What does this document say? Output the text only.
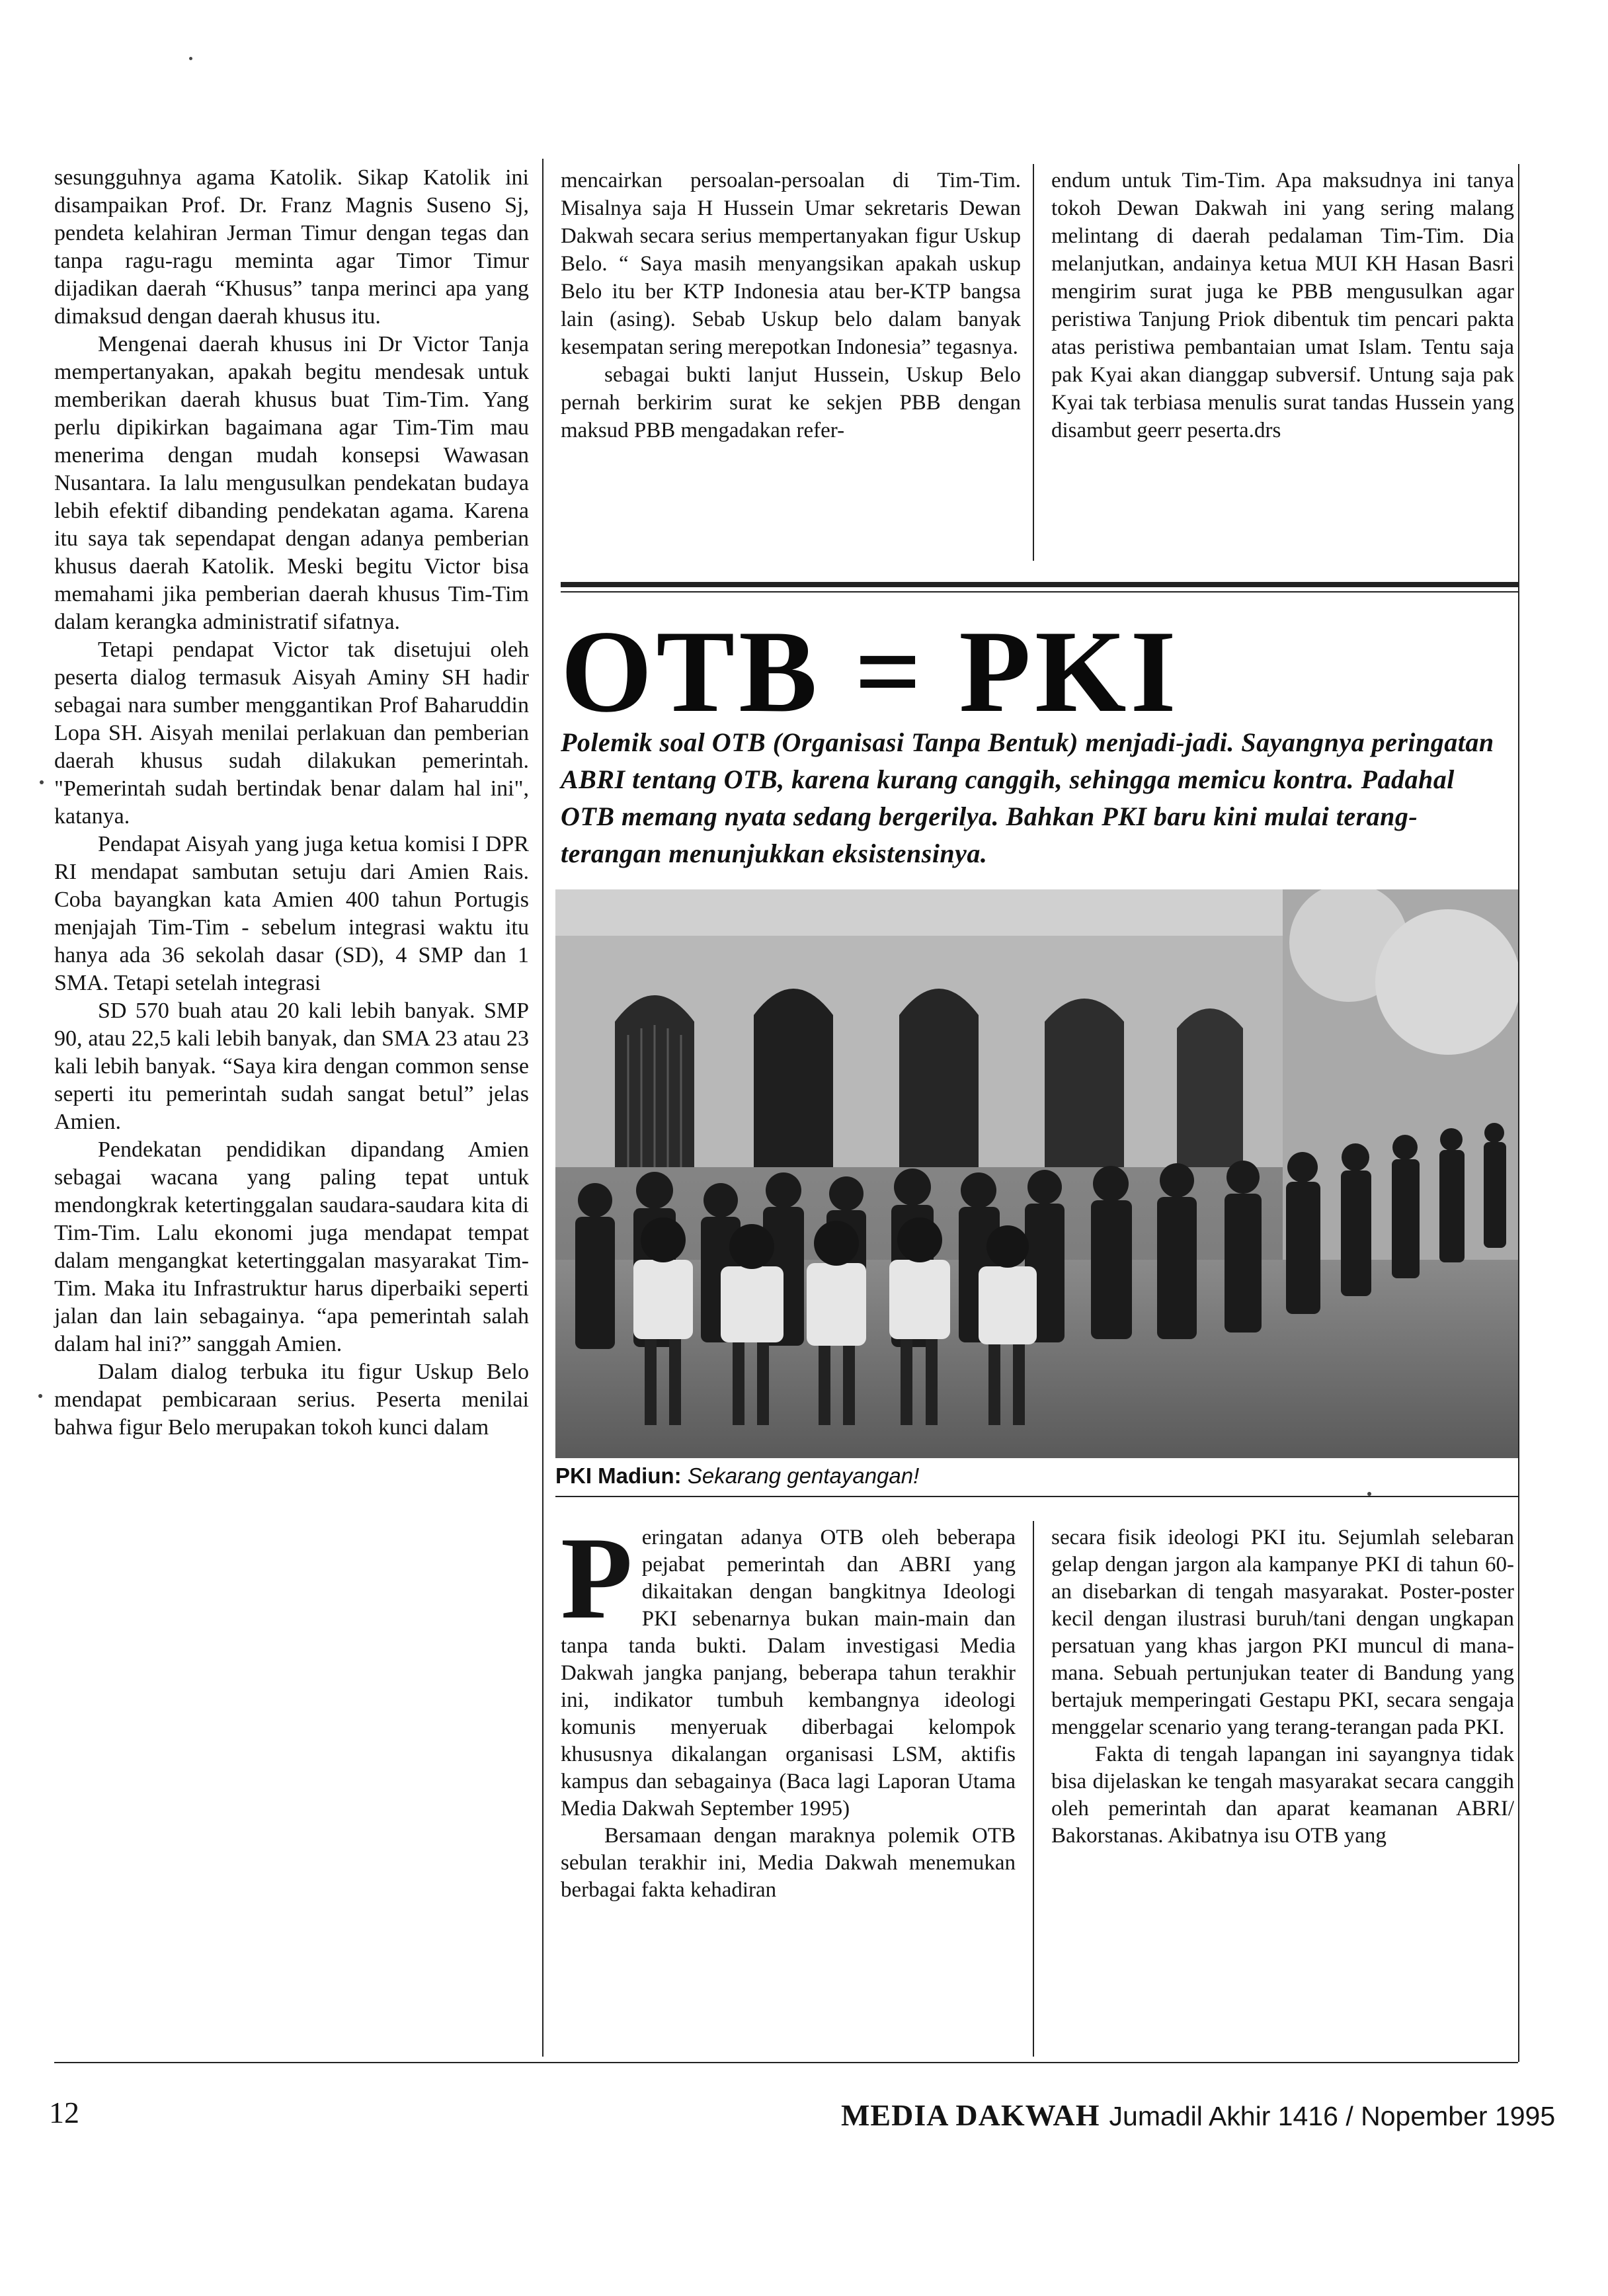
sesungguhnya agama Katolik. Sikap Katolik ini disampaikan Prof. Dr. Franz Magnis Suseno Sj, pendeta kelahiran Jerman Timur dengan tegas dan tanpa ragu-ragu meminta agar Timor Timur dijadikan daerah “Khusus” tanpa merinci apa yang dimaksud dengan daerah khusus itu.

Mengenai daerah khusus ini Dr Victor Tanja mempertanyakan, apakah begitu mendesak untuk memberikan daerah khusus buat Tim-Tim. Yang perlu dipikirkan bagaimana agar Tim-Tim mau menerima dengan mudah konsepsi Wawasan Nusantara. Ia lalu mengusulkan pendekatan budaya lebih efektif dibanding pendekatan agama. Karena itu saya tak sependapat dengan adanya pemberian khusus daerah Katolik. Meski begitu Victor bisa memahami jika pemberian daerah khusus Tim-Tim dalam kerangka administratif sifatnya.

Tetapi pendapat Victor tak disetujui oleh peserta dialog termasuk Aisyah Aminy SH hadir sebagai nara sumber menggantikan Prof Baharuddin Lopa SH. Aisyah menilai perlakuan dan pemberian daerah khusus sudah dilakukan pemerintah. "Pemerintah sudah bertindak benar dalam hal ini", katanya.

Pendapat Aisyah yang juga ketua komisi I DPR RI mendapat sambutan setuju dari Amien Rais. Coba bayangkan kata Amien 400 tahun Portugis menjajah Tim-Tim - sebelum integrasi waktu itu hanya ada 36 sekolah dasar (SD), 4 SMP dan 1 SMA. Tetapi setelah integrasi

SD 570 buah atau 20 kali lebih banyak. SMP 90, atau 22,5 kali lebih banyak, dan SMA 23 atau 23 kali lebih banyak. “Saya kira dengan common sense seperti itu pemerintah sudah sangat betul” jelas Amien.

Pendekatan pendidikan dipandang Amien sebagai wacana yang paling tepat untuk mendongkrak ketertinggalan saudara-saudara kita di Tim-Tim. Lalu ekonomi juga mendapat tempat dalam mengangkat ketertinggalan masyarakat Tim-Tim. Maka itu Infrastruktur harus diperbaiki seperti jalan dan lain sebagainya. “apa pemerintah salah dalam hal ini?” sanggah Amien.

Dalam dialog terbuka itu figur Uskup Belo mendapat pembicaraan serius. Peserta menilai bahwa figur Belo merupakan tokoh kunci dalam

mencairkan persoalan-persoalan di Tim-Tim. Misalnya saja H Hussein Umar sekretaris Dewan Dakwah secara serius mempertanyakan figur Uskup Belo. “ Saya masih menyangsikan apakah uskup Belo itu ber KTP Indonesia atau ber-KTP bangsa lain (asing). Sebab Uskup belo dalam banyak kesempatan sering merepotkan Indonesia” tegasnya.

sebagai bukti lanjut Hussein, Uskup Belo pernah berkirim surat ke sekjen PBB dengan maksud PBB mengadakan refer-

endum untuk Tim-Tim. Apa maksudnya ini tanya tokoh Dewan Dakwah ini yang sering malang melintang di daerah pedalaman Tim-Tim. Dia melanjutkan, andainya ketua MUI KH Hasan Basri mengirim surat juga ke PBB mengusulkan agar peristiwa Tanjung Priok dibentuk tim pencari pakta atas peristiwa pembantaian umat Islam. Tentu saja pak Kyai akan dianggap subversif. Untung saja pak Kyai tak terbiasa menulis surat tandas Hussein yang disambut geerr peserta.drs

OTB = PKI
Polemik soal OTB (Organisasi Tanpa Bentuk) menjadi-jadi. Sayangnya peringatan ABRI tentang OTB, karena kurang canggih, sehingga memicu kontra. Padahal OTB memang nyata sedang bergerilya. Bahkan PKI baru kini mulai terang- terangan menunjukkan eksistensinya.
PKI Madiun: Sekarang gentayangan!
P eringatan adanya OTB oleh beberapa pejabat pemerintah dan ABRI yang dikaitakan dengan bangkitnya Ideologi PKI sebenarnya bukan main-main dan tanpa tanda bukti. Dalam investigasi Media Dakwah jangka panjang, beberapa tahun terakhir ini, indikator tumbuh kembangnya ideologi komunis menyeruak diberbagai kelompok khususnya dikalangan organisasi LSM, aktifis kampus dan sebagainya (Baca lagi Laporan Utama Media Dakwah September 1995)

Bersamaan dengan maraknya polemik OTB sebulan terakhir ini, Media Dakwah menemukan berbagai fakta kehadiran

secara fisik ideologi PKI itu. Sejumlah selebaran gelap dengan jargon ala kampanye PKI di tahun 60-an disebarkan di tengah masyarakat. Poster-poster kecil dengan ilustrasi buruh/tani dengan ungkapan persatuan yang khas jargon PKI muncul di mana-mana. Sebuah pertunjukan teater di Bandung yang bertajuk memperingati Gestapu PKI, secara sengaja menggelar scenario yang terang-terangan pada PKI.

Fakta di tengah lapangan ini sayangnya tidak bisa dijelaskan ke tengah masyarakat secara canggih oleh pemerintah dan aparat keamanan ABRI/ Bakorstanas. Akibatnya isu OTB yang

12	MEDIA DAKWAH Jumadil Akhir 1416 / Nopember 1995
